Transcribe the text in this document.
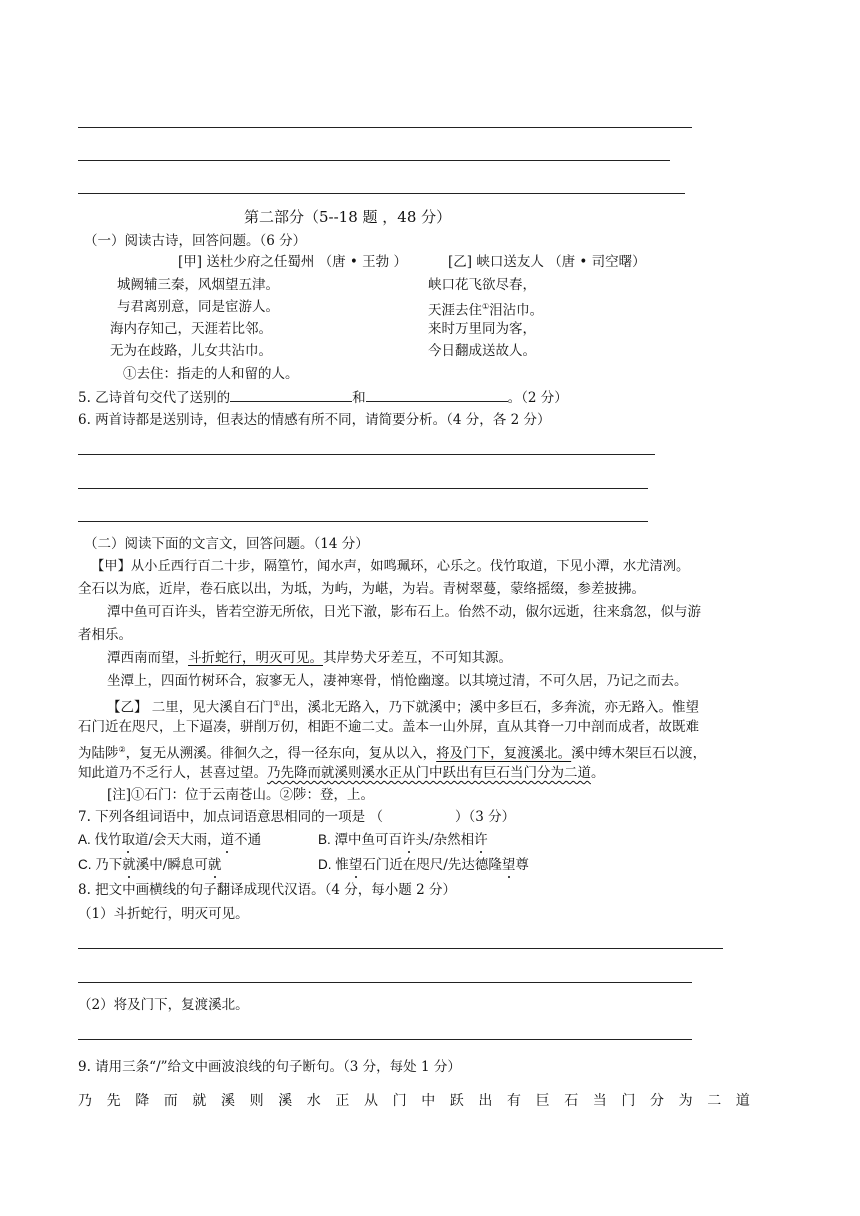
第二部分（5--18 题 ，48 分）
（一）阅读古诗，回答问题。（6 分）
[甲] 送杜少府之任蜀州 （唐 • 王勃 ）	[乙] 峡口送友人 （唐 • 司空曙）
城阙辅三秦，风烟望五津。
与君离别意，同是宦游人。
海内存知己，天涯若比邻。
无为在歧路，儿女共沾巾。
峡口花飞欲尽春，
天涯去住①泪沾巾。
来时万里同为客，
今日翻成送故人。
①去住：指走的人和留的人。
5. 乙诗首句交代了送别的	和	。（2 分）
6. 两首诗都是送别诗，但表达的情感有所不同，请简要分析。（4 分，各 2 分）
（二）阅读下面的文言文，回答问题。（14 分）
【甲】从小丘西行百二十步，隔篁竹，闻水声，如鸣珮环，心乐之。伐竹取道，下见小潭，水尤清冽。
全石以为底，近岸，卷石底以出，为坻，为屿，为嵁，为岩。青树翠蔓，蒙络摇缀，参差披拂。
潭中鱼可百许头，皆若空游无所依，日光下澈，影布石上。佁然不动，俶尔远逝，往来翕忽，似与游
者相乐。
潭西南而望，斗折蛇行，明灭可见。其岸势犬牙差互，不可知其源。
坐潭上，四面竹树环合，寂寥无人，凄神寒骨，悄怆幽邃。以其境过清，不可久居，乃记之而去。
【乙】 二里，见大溪自石门①出，溪北无路入，乃下就溪中；溪中多巨石，多奔流，亦无路入。惟望
石门近在咫尺，上下逼凑，骈削万仞，相距不逾二丈。盖本一山外屏，直从其脊一刀中剖而成者，故既难
为陆陟②，复无从溯溪。徘徊久之，得一径东向，复从以入，将及门下，复渡溪北。溪中缚木架巨石以渡，
知此道乃不乏行人，甚喜过望。乃先降而就溪则溪水正从门中跃出有巨石当门分为二道。
[注]①石门：位于云南苍山。②陟：登，上。
7. 下列各组词语中，加点词语意思相同的一项是 （	）（3 分）
A. 伐竹取道/会天大雨，道不通	B. 潭中鱼可百许头/杂然相许
C. 乃下就溪中/瞬息可就	D. 惟望石门近在咫尺/先达德隆望尊
8. 把文中画横线的句子翻译成现代汉语。（4 分，每小题 2 分）
（1）斗折蛇行，明灭可见。
（2）将及门下，复渡溪北。
9. 请用三条“/”给文中画波浪线的句子断句。（3 分，每处 1 分）
乃先降而就溪则溪水正从门中跃出有巨石当门分为二道
